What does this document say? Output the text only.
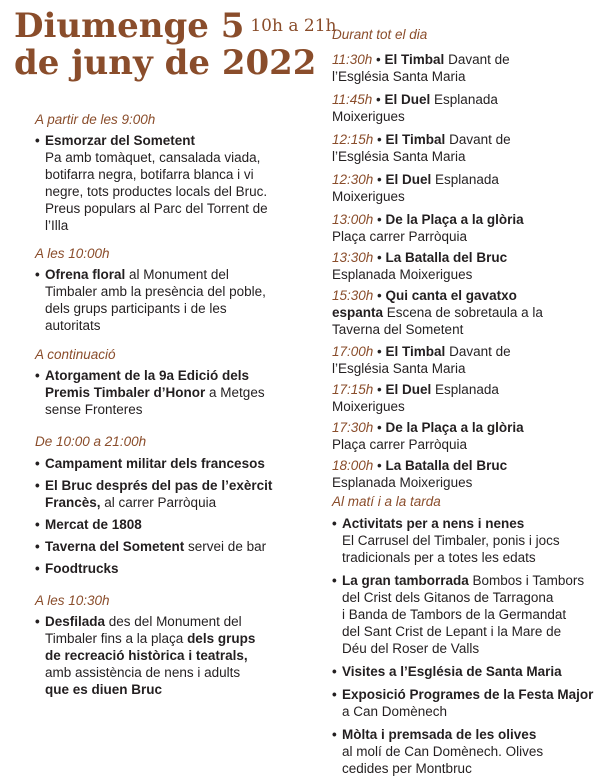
Diumenge 5 10h a 21h
de juny de 2022
A partir de les 9:00h
• Esmorzar del Sometent
Pa amb tomàquet, cansalada viada,
botifarra negra, botifarra blanca i vi
negre, tots productes locals del Bruc.
Preus populars al Parc del Torrent de
l’Illa
A les 10:00h
• Ofrena floral al Monument del
Timbaler amb la presència del poble,
dels grups participants i de les
autoritats
A continuació
• Atorgament de la 9a Edició dels
Premis Timbaler d’Honor a Metges
sense Fronteres
De 10:00 a 21:00h
• Campament militar dels francesos
• El Bruc després del pas de l’exèrcit
Francès, al carrer Parròquia
• Mercat de 1808
• Taverna del Sometent servei de bar
• Foodtrucks
A les 10:30h
• Desfilada des del Monument del
Timbaler fins a la plaça dels grups
de recreació històrica i teatrals,
amb assistència de nens i adults
que es diuen Bruc
Durant tot el dia
11:30h • El Timbal Davant de
l’Església Santa Maria
11:45h • El Duel Esplanada
Moixerigues
12:15h • El Timbal Davant de
l’Església Santa Maria
12:30h • El Duel Esplanada
Moixerigues
13:00h • De la Plaça a la glòria
Plaça carrer Parròquia
13:30h • La Batalla del Bruc
Esplanada Moixerigues
15:30h • Qui canta el gavatxo
espanta Escena de sobretaula a la
Taverna del Sometent
17:00h • El Timbal Davant de
l’Església Santa Maria
17:15h • El Duel Esplanada
Moixerigues
17:30h • De la Plaça a la glòria
Plaça carrer Parròquia
18:00h • La Batalla del Bruc
Esplanada Moixerigues
Al matí i a la tarda
• Activitats per a nens i nenes
El Carrusel del Timbaler, ponis i jocs
tradicionals per a totes les edats
• La gran tamborrada Bombos i Tambors
del Crist dels Gitanos de Tarragona
i Banda de Tambors de la Germandat
del Sant Crist de Lepant i la Mare de
Déu del Roser de Valls
• Visites a l’Església de Santa Maria
• Exposició Programes de la Festa Major
a Can Domènech
• Mòlta i premsada de les olives
al molí de Can Domènech. Olives
cedides per Montbruc
